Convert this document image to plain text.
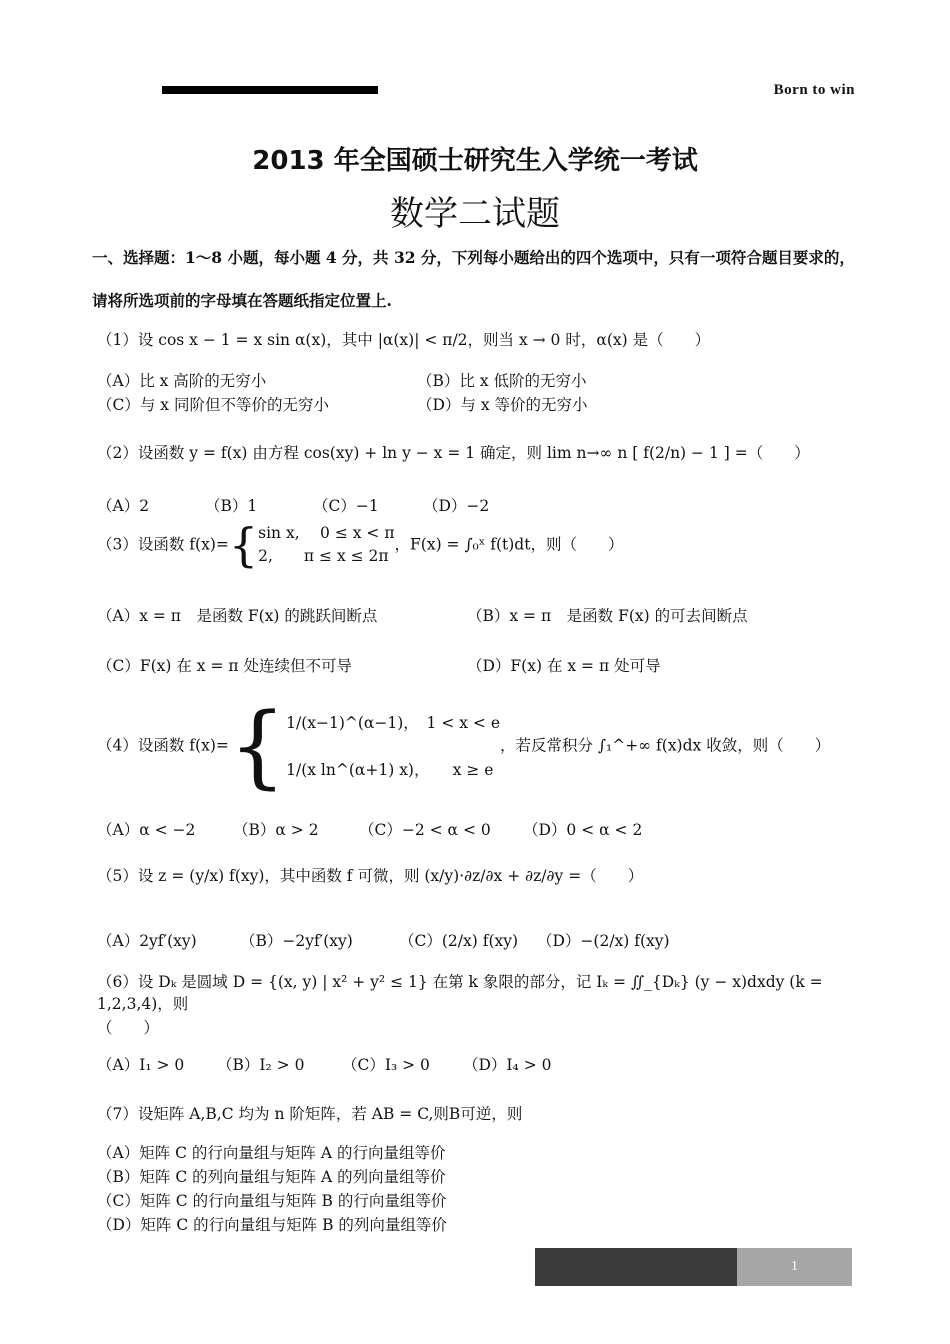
Born to win
2013 年全国硕士研究生入学统一考试
数学二试题
一、选择题：1～8 小题，每小题 4 分，共 32 分，下列每小题给出的四个选项中，只有一项符合题目要求的，请将所选项前的字母填在答题纸指定位置上.
（1）设 cos x − 1 = x sin α(x)，其中 |α(x)| < π/2，则当 x → 0 时，α(x) 是（　　）
（A）比 x 高阶的无穷小	（B）比 x 低阶的无穷小
（C）与 x 同阶但不等价的无穷小	（D）与 x 等价的无穷小
（2）设函数 y = f(x) 由方程 cos(xy) + ln y − x = 1 确定，则 lim n→∞ n [ f(2/n) − 1 ] =（　　）
（A）2	（B）1	（C）−1	（D）−2
（3）设函数 f(x)={ sin x,　 0 ≤ x < π
2,　　π ≤ x ≤ 2π
，F(x) = ∫₀ˣ f(t)dt，则（　　）
（A）x = π　是函数 F(x) 的跳跃间断点	（B）x = π　是函数 F(x) 的可去间断点
（C）F(x) 在 x = π 处连续但不可导	（D）F(x) 在 x = π 处可导
（4）设函数 f(x)={ 1/(x−1)^(α−1)，　1 < x < e
1/(x ln^(α+1) x)，　　x ≥ e
，若反常积分 ∫₁^+∞ f(x)dx 收敛，则（　　）
（A）α < −2 （B）α > 2	（C）−2 < α < 0 （D）0 < α < 2
（5）设 z = (y/x) f(xy)，其中函数 f 可微，则 (x/y)·∂z/∂x + ∂z/∂y =（　　）
（A）2yf′(xy)	（B）−2yf′(xy)	（C）(2/x) f(xy) （D）−(2/x) f(xy)
（6）设 Dₖ 是圆域 D = {(x, y) | x² + y² ≤ 1} 在第 k 象限的部分，记 Iₖ = ∬_{Dₖ} (y − x)dxdy (k = 1,2,3,4)，则
（　　）
（A）I₁ > 0 （B）I₂ > 0 （C）I₃ > 0 （D）I₄ > 0
（7）设矩阵 A,B,C 均为 n 阶矩阵，若 AB = C,则B可逆，则
（A）矩阵 C 的行向量组与矩阵 A 的行向量组等价
（B）矩阵 C 的列向量组与矩阵 A 的列向量组等价
（C）矩阵 C 的行向量组与矩阵 B 的行向量组等价
（D）矩阵 C 的行向量组与矩阵 B 的列向量组等价
1
